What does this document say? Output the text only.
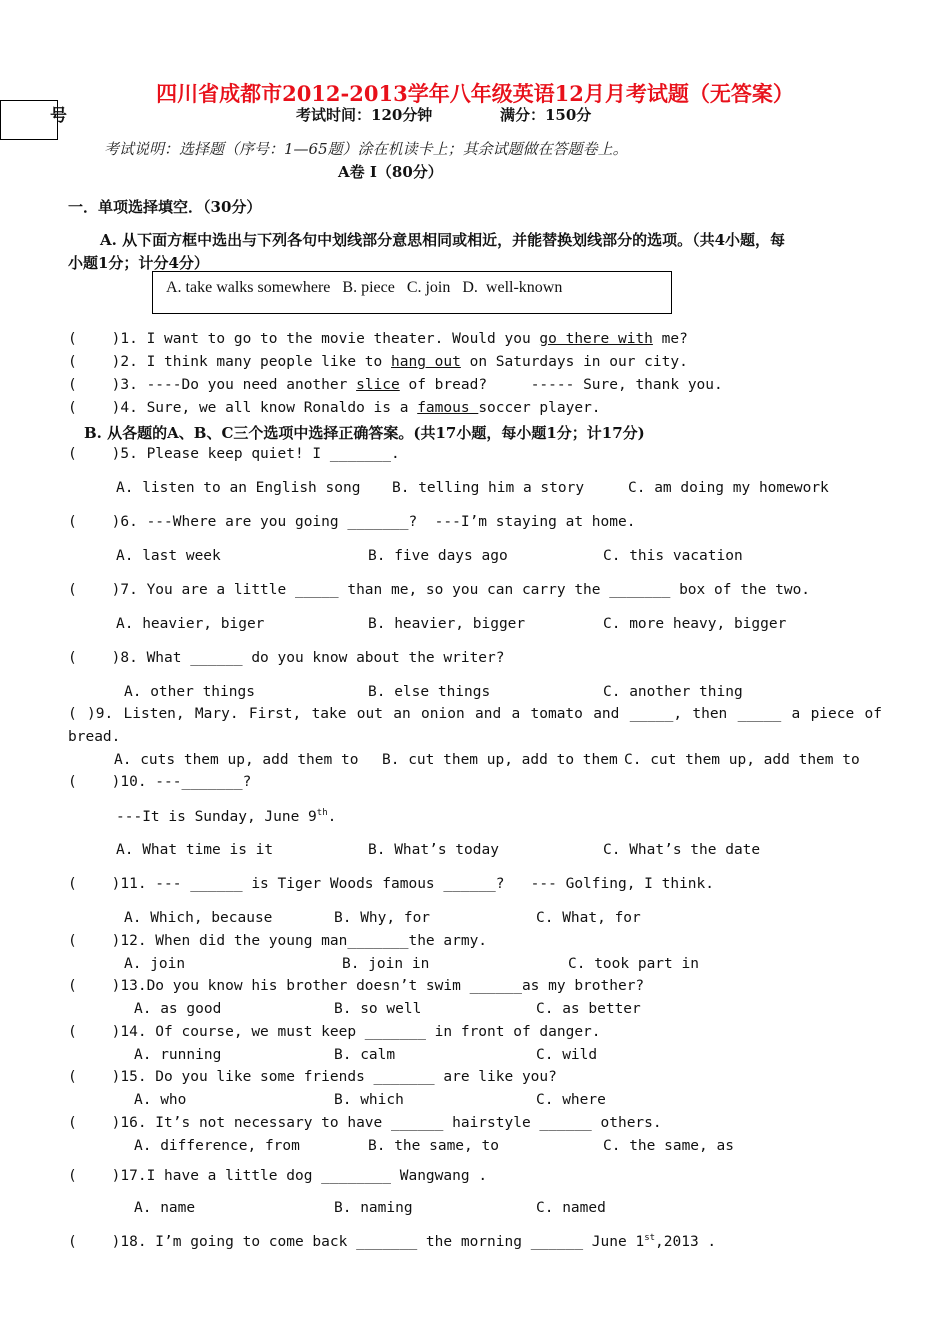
四川省成都市2012-2013学年八年级英语12月月考试题（无答案）
号	考试时间：120分钟	满分：150分
考试说明：选择题（序号：1—65题）涂在机读卡上；其余试题做在答题卷上。
A卷 Ⅰ（80分）
一．单项选择填空．（30分）
A. 从下面方框中选出与下列各句中划线部分意思相同或相近，并能替换划线部分的选项。（共4小题，每
小题1分；计分4分）
A. take walks somewhere   B. piece   C. join   D.  well-known
(    )1. I want to go to the movie theater. Would you go there with me?
(    )2. I think many people like to hang out on Saturdays in our city.
(    )3. ----Do you need another slice of bread?     ----- Sure, thank you.
(    )4. Sure, we all know Ronaldo is a famous soccer player.
B. 从各题的A、B、C三个选项中选择正确答案。(共17小题，每小题1分；计17分)
(    )5. Please keep quiet! I _______.
A. listen to an English song B. telling him a story	C. am doing my homework
(    )6. ---Where are you going _______?  ---I’m staying at home.
A. last week	B. five days ago	C. this vacation
(    )7. You are a little _____ than me, so you can carry the _______ box of the two.
A. heavier, biger	B. heavier, bigger	C. more heavy, bigger
(    )8. What ______ do you know about the writer?
A. other things	B. else things	C. another thing
( )9. Listen, Mary. First, take out an onion and a tomato and _____, then _____ a piece of
bread.
A. cuts them up, add them to B. cut them up, add to them C. cut them up, add them to
(    )10. ---_______?
---It is Sunday, June 9th.
A. What time is it	B. What’s today	C. What’s the date
(    )11. --- ______ is Tiger Woods famous ______?   --- Golfing, I think.
A. Which, because	B. Why, for	C. What, for
(    )12. When did the young man_______the army.
A. join	B. join in	C. took part in
(    )13.Do you know his brother doesn’t swim ______as my brother?
A. as good	B. so well	C. as better
(    )14. Of course, we must keep _______ in front of danger.
A. running	B. calm	C. wild
(    )15. Do you like some friends _______ are like you?
A. who	B. which	C. where
(    )16. It’s not necessary to have ______ hairstyle ______ others.
A. difference, from	B. the same, to	C. the same, as
(    )17.I have a little dog ________ Wangwang .
A. name	B. naming	C. named
(    )18. I’m going to come back _______ the morning ______ June 1st,2013 .
